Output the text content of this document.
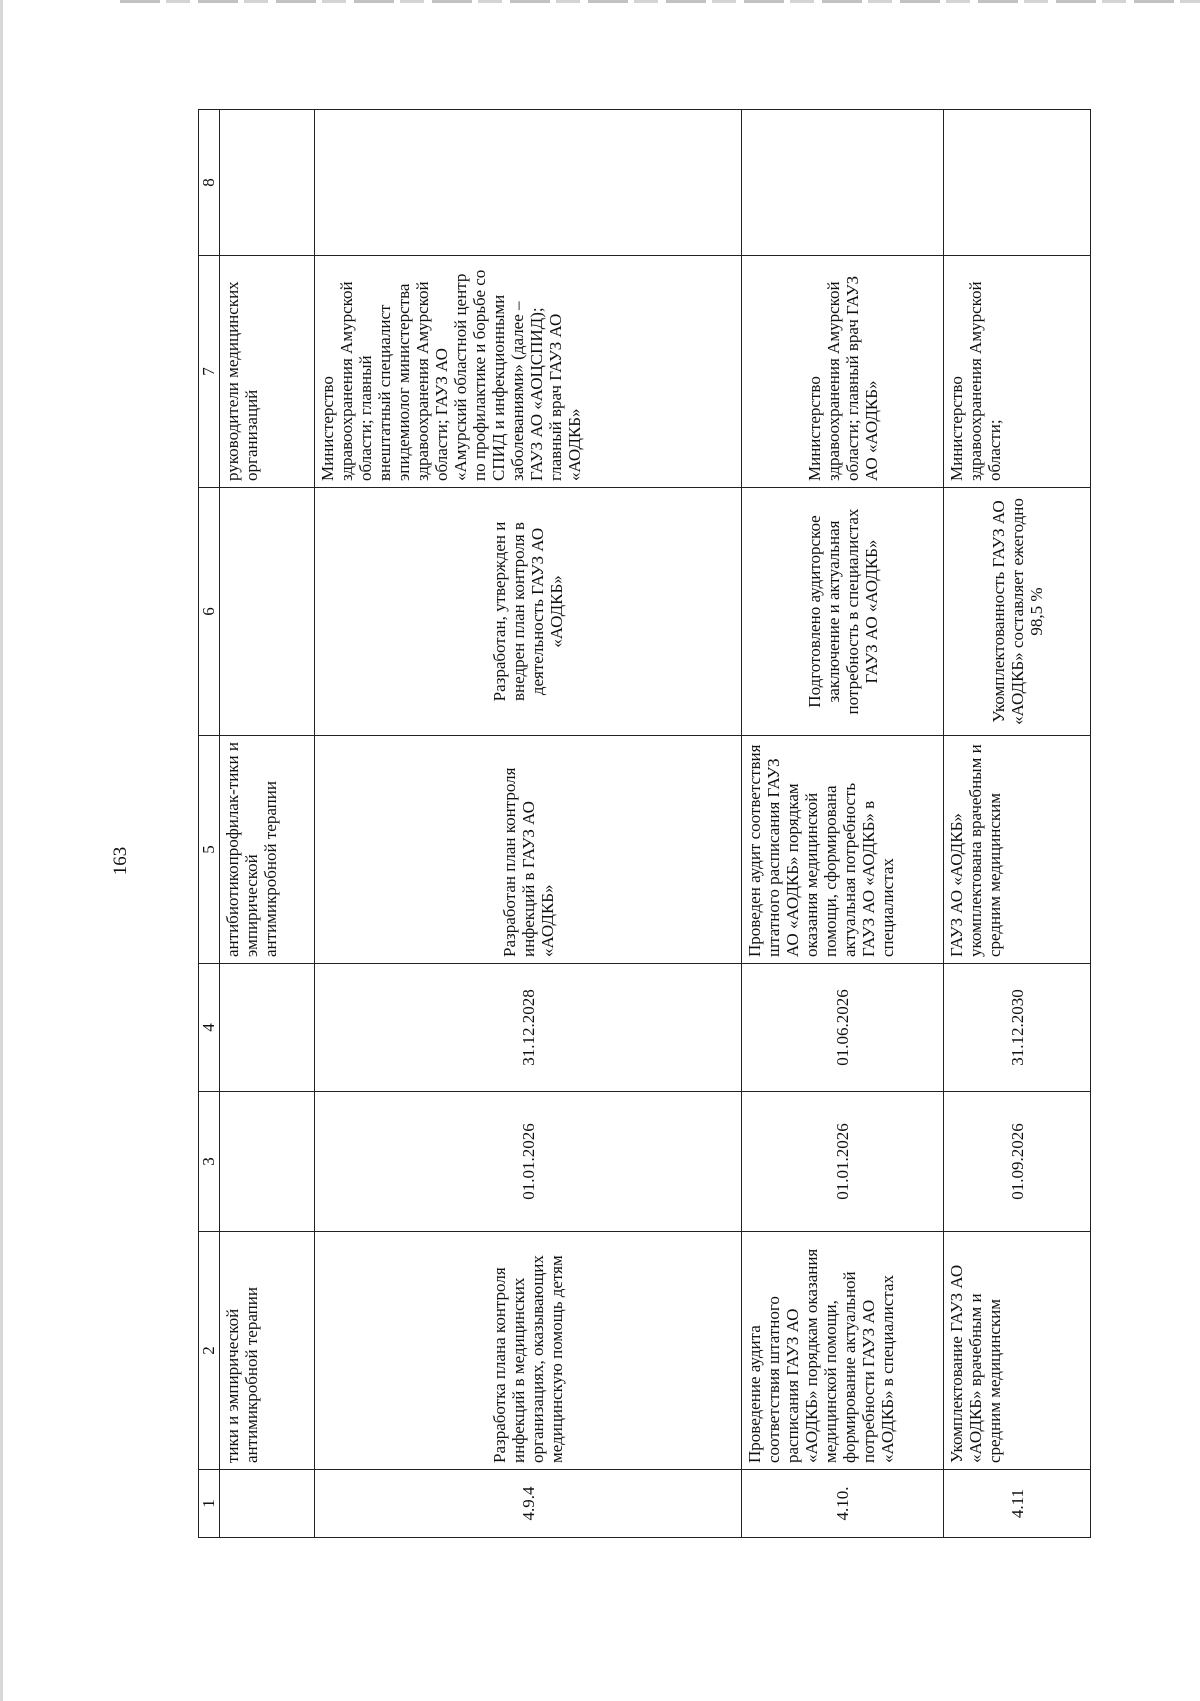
163
1	2	3	4	5	6	7	8
	тики и эмпирической антимикробной терапии			антибиотикопрофилак-тики и эмпирической антимикробной терапии		руководители медицинских организаций	
4.9.4	Разработка плана контроля инфекций в медицинских организациях, оказывающих медицинскую помощь детям	01.01.2026	31.12.2028	Разработан план контроля инфекций в ГАУЗ АО «АОДКБ»	Разработан, утвержден и внедрен план контроля в деятельность ГАУЗ АО «АОДКБ»	Министерство здравоохранения Амурской области; главный внештатный специалист эпидемиолог министерства здравоохранения Амурской области; ГАУЗ АО «Амурский областной центр по профилактике и борьбе со СПИД и инфекционными заболеваниями» (далее – ГАУЗ АО «АОЦСПИД); главный врач ГАУЗ АО «АОДКБ»	
4.10.	Проведение аудита соответствия штатного расписания ГАУЗ АО «АОДКБ» порядкам оказания медицинской помощи, формирование актуальной потребности ГАУЗ АО «АОДКБ» в специалистах	01.01.2026	01.06.2026	Проведен аудит соответствия штатного расписания ГАУЗ АО «АОДКБ» порядкам оказания медицинской помощи, сформирована актуальная потребность ГАУЗ АО «АОДКБ» в специалистах	Подготовлено аудиторское заключение и актуальная потребность в специалистах ГАУЗ АО «АОДКБ»	Министерство здравоохранения Амурской области; главный врач ГАУЗ АО «АОДКБ»	
4.11	Укомплектование ГАУЗ АО «АОДКБ» врачебным и средним медицинским	01.09.2026	31.12.2030	ГАУЗ АО «АОДКБ» укомплектована врачебным и средним медицинским	Укомплектованность ГАУЗ АО «АОДКБ» составляет ежегодно 98,5 %	Министерство здравоохранения Амурской области;	
